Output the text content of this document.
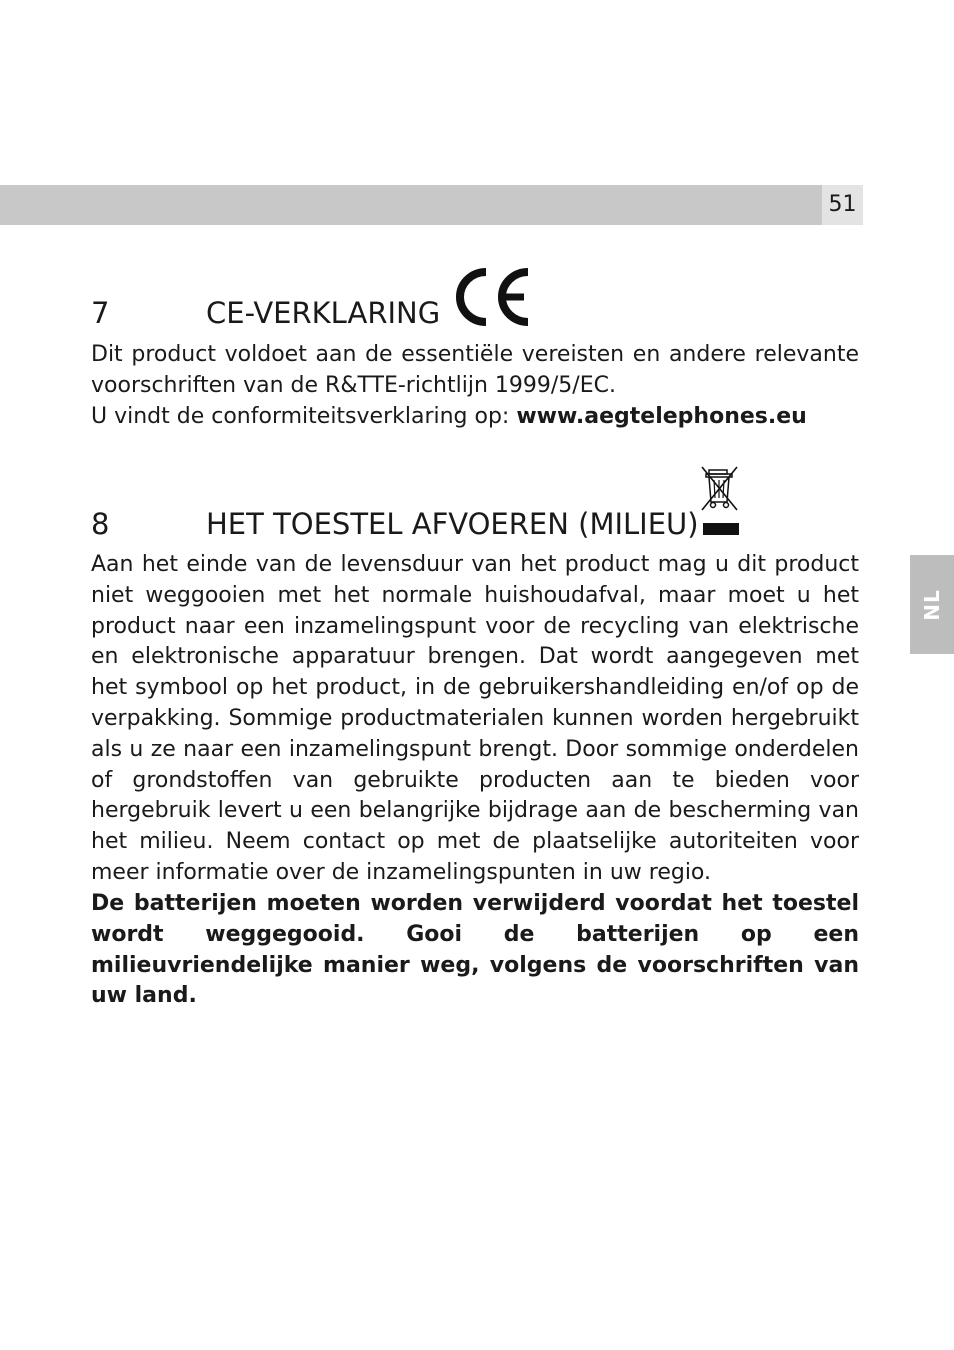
51
NL
7	CE-VERKLARING
Dit product voldoet aan de essentiële vereisten en andere relevante voorschriften van de R&TTE-richtlijn 1999/5/EC.
U vindt de conformiteitsverklaring op: www.aegtelephones.eu
8	HET TOESTEL AFVOEREN (MILIEU)
Aan het einde van de levensduur van het product mag u dit product niet weggooien met het normale huishoudafval, maar moet u het product naar een inzamelingspunt voor de recycling van elektrische en elektronische apparatuur brengen. Dat wordt aangegeven met het symbool op het product, in de gebruikershandleiding en/of op de verpakking. Sommige productmaterialen kunnen worden hergebruikt als u ze naar een inzamelingspunt brengt. Door sommige onderdelen of grondstoffen van gebruikte producten aan te bieden voor hergebruik levert u een belangrijke bijdrage aan de bescherming van het milieu. Neem contact op met de plaatselijke autoriteiten voor meer informatie over de inzamelingspunten in uw regio.
De batterijen moeten worden verwijderd voordat het toestel wordt weggegooid. Gooi de batterijen op een milieuvriendelijke manier weg, volgens de voorschriften van uw land.
